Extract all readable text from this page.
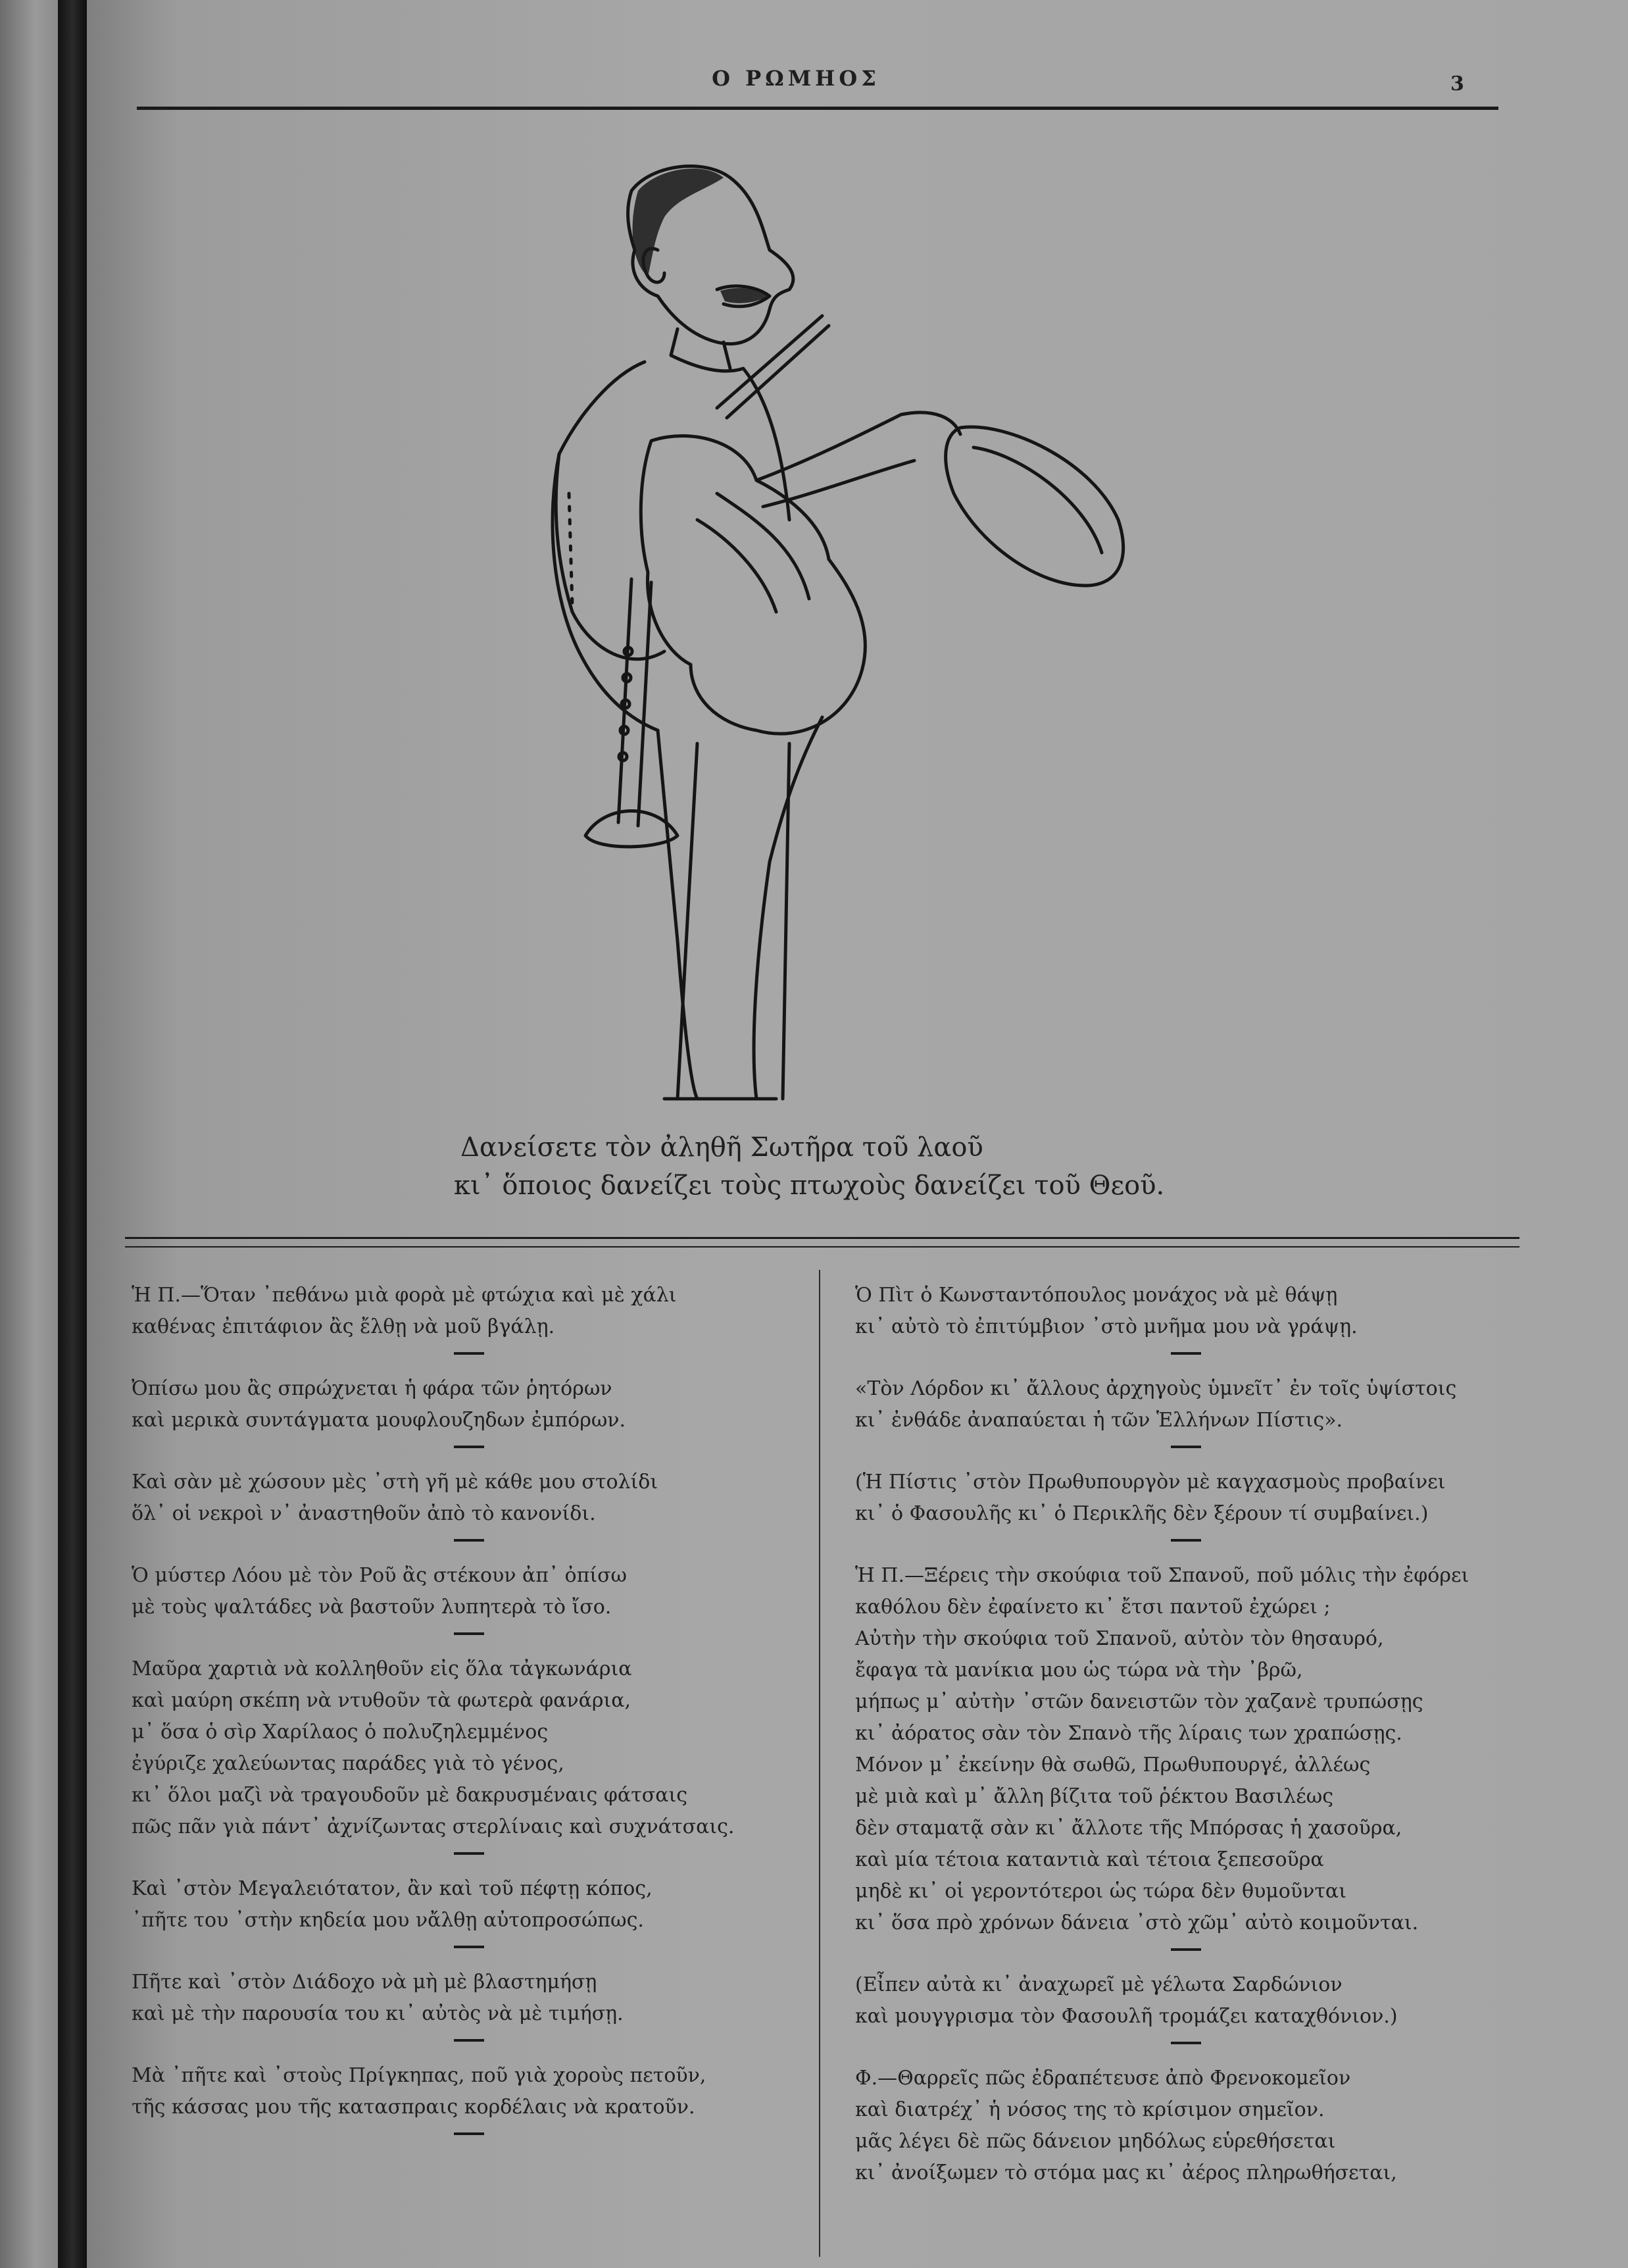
Ο ΡΩΜΗΟΣ	3
Δανείσετε τὸν ἀληθῆ Σωτῆρα τοῦ λαοῦ
κι᾽ ὅποιος δανείζει τοὺς πτωχοὺς δανείζει τοῦ Θεοῦ.
Ἡ Π.—Ὅταν ᾿πεθάνω μιὰ φορὰ μὲ φτώχια καὶ μὲ χάλι
καθένας ἐπιτάφιον ἂς ἔλθῃ νὰ μοῦ βγάλῃ.
Ὀπίσω μου ἂς σπρώχνεται ἡ φάρα τῶν ῥητόρων
καὶ μερικὰ συντάγματα μουφλουζηδων ἐμπόρων.
Καὶ σὰν μὲ χώσουν μὲς ᾿στὴ γῆ μὲ κάθε μου στολίδι
ὅλ᾽ οἱ νεκροὶ ν᾽ ἀναστηθοῦν ἀπὸ τὸ κανονίδι.
Ὁ μύστερ Λόου μὲ τὸν Ροῦ ἂς στέκουν ἀπ᾽ ὀπίσω
μὲ τοὺς ψαλτάδες νὰ βαστοῦν λυπητερὰ τὸ ἴσο.
Μαῦρα χαρτιὰ νὰ κολληθοῦν εἰς ὅλα τἀγκωνάρια
καὶ μαύρη σκέπη νὰ ντυθοῦν τὰ φωτερὰ φανάρια,
μ᾽ ὅσα ὁ σὶρ Χαρίλαος ὁ πολυζηλεμμένος
ἐγύριζε χαλεύωντας παράδες γιὰ τὸ γένος,
κι᾽ ὅλοι μαζὶ νὰ τραγουδοῦν μὲ δακρυσμέναις φάτσαις
πῶς πᾶν γιὰ πάντ᾽ ἀχνίζωντας στερλίναις καὶ συχνάτσαις.
Καὶ ᾿στὸν Μεγαλειότατον, ἂν καὶ τοῦ πέφτῃ κόπος,
᾿πῆτε του ᾿στὴν κηδεία μου νἄλθῃ αὐτοπροσώπως.
Πῆτε καὶ ᾿στὸν Διάδοχο νὰ μὴ μὲ βλαστημήσῃ
καὶ μὲ τὴν παρουσία του κι᾽ αὐτὸς νὰ μὲ τιμήσῃ.
Μὰ ᾿πῆτε καὶ ᾿στοὺς Πρίγκηπας, ποῦ γιὰ χοροὺς πετοῦν,
τῆς κάσσας μου τῆς κατασπραις κορδέλαις νὰ κρατοῦν.
Ὁ Πὶτ ὁ Κωνσταντόπουλος μονάχος νὰ μὲ θάψῃ
κι᾽ αὐτὸ τὸ ἐπιτύμβιον ᾿στὸ μνῆμα μου νὰ γράψῃ.
«Τὸν Λόρδον κι᾽ ἄλλους ἀρχηγοὺς ὑμνεῖτ᾽ ἐν τοῖς ὑψίστοις
κι᾽ ἐνθάδε ἀναπαύεται ἡ τῶν Ἑλλήνων Πίστις».
(Ἡ Πίστις ᾿στὸν Πρωθυπουργὸν μὲ καγχασμοὺς προβαίνει
κι᾽ ὁ Φασουλῆς κι᾽ ὁ Περικλῆς δὲν ξέρουν τί συμβαίνει.)
Ἡ Π.—Ξέρεις τὴν σκούφια τοῦ Σπανοῦ, ποῦ μόλις τὴν ἐφόρει
καθόλου δὲν ἐφαίνετο κι᾽ ἔτσι παντοῦ ἐχώρει ;
Αὐτὴν τὴν σκούφια τοῦ Σπανοῦ, αὐτὸν τὸν θησαυρό,
ἔφαγα τὰ μανίκια μου ὡς τώρα νὰ τὴν ᾽βρῶ,
μήπως μ᾽ αὐτὴν ᾿στῶν δανειστῶν τὸν χαζανὲ τρυπώσῃς
κι᾽ ἀόρατος σὰν τὸν Σπανὸ τῆς λίραις των χραπώσῃς.
Μόνον μ᾽ ἐκείνην θὰ σωθῶ, Πρωθυπουργέ, ἀλλέως
μὲ μιὰ καὶ μ᾽ ἄλλη βίζιτα τοῦ ῥέκτου Βασιλέως
δὲν σταματᾷ σὰν κι᾽ ἄλλοτε τῆς Μπόρσας ἡ χασοῦρα,
καὶ μία τέτοια καταντιὰ καὶ τέτοια ξεπεσοῦρα
μηδὲ κι᾽ οἱ γεροντότεροι ὡς τώρα δὲν θυμοῦνται
κι᾽ ὅσα πρὸ χρόνων δάνεια ᾿στὸ χῶμ᾽ αὐτὸ κοιμοῦνται.
(Εἶπεν αὐτὰ κι᾽ ἀναχωρεῖ μὲ γέλωτα Σαρδώνιον
καὶ μουγγρισμα τὸν Φασουλῆ τρομάζει καταχθόνιον.)
Φ.—Θαρρεῖς πῶς ἐδραπέτευσε ἀπὸ Φρενοκομεῖον
καὶ διατρέχ᾽ ἡ νόσος της τὸ κρίσιμον σημεῖον.
μᾶς λέγει δὲ πῶς δάνειον μηδόλως εὑρεθήσεται
κι᾽ ἀνοίξωμεν τὸ στόμα μας κι᾽ ἀέρος πληρωθήσεται,
